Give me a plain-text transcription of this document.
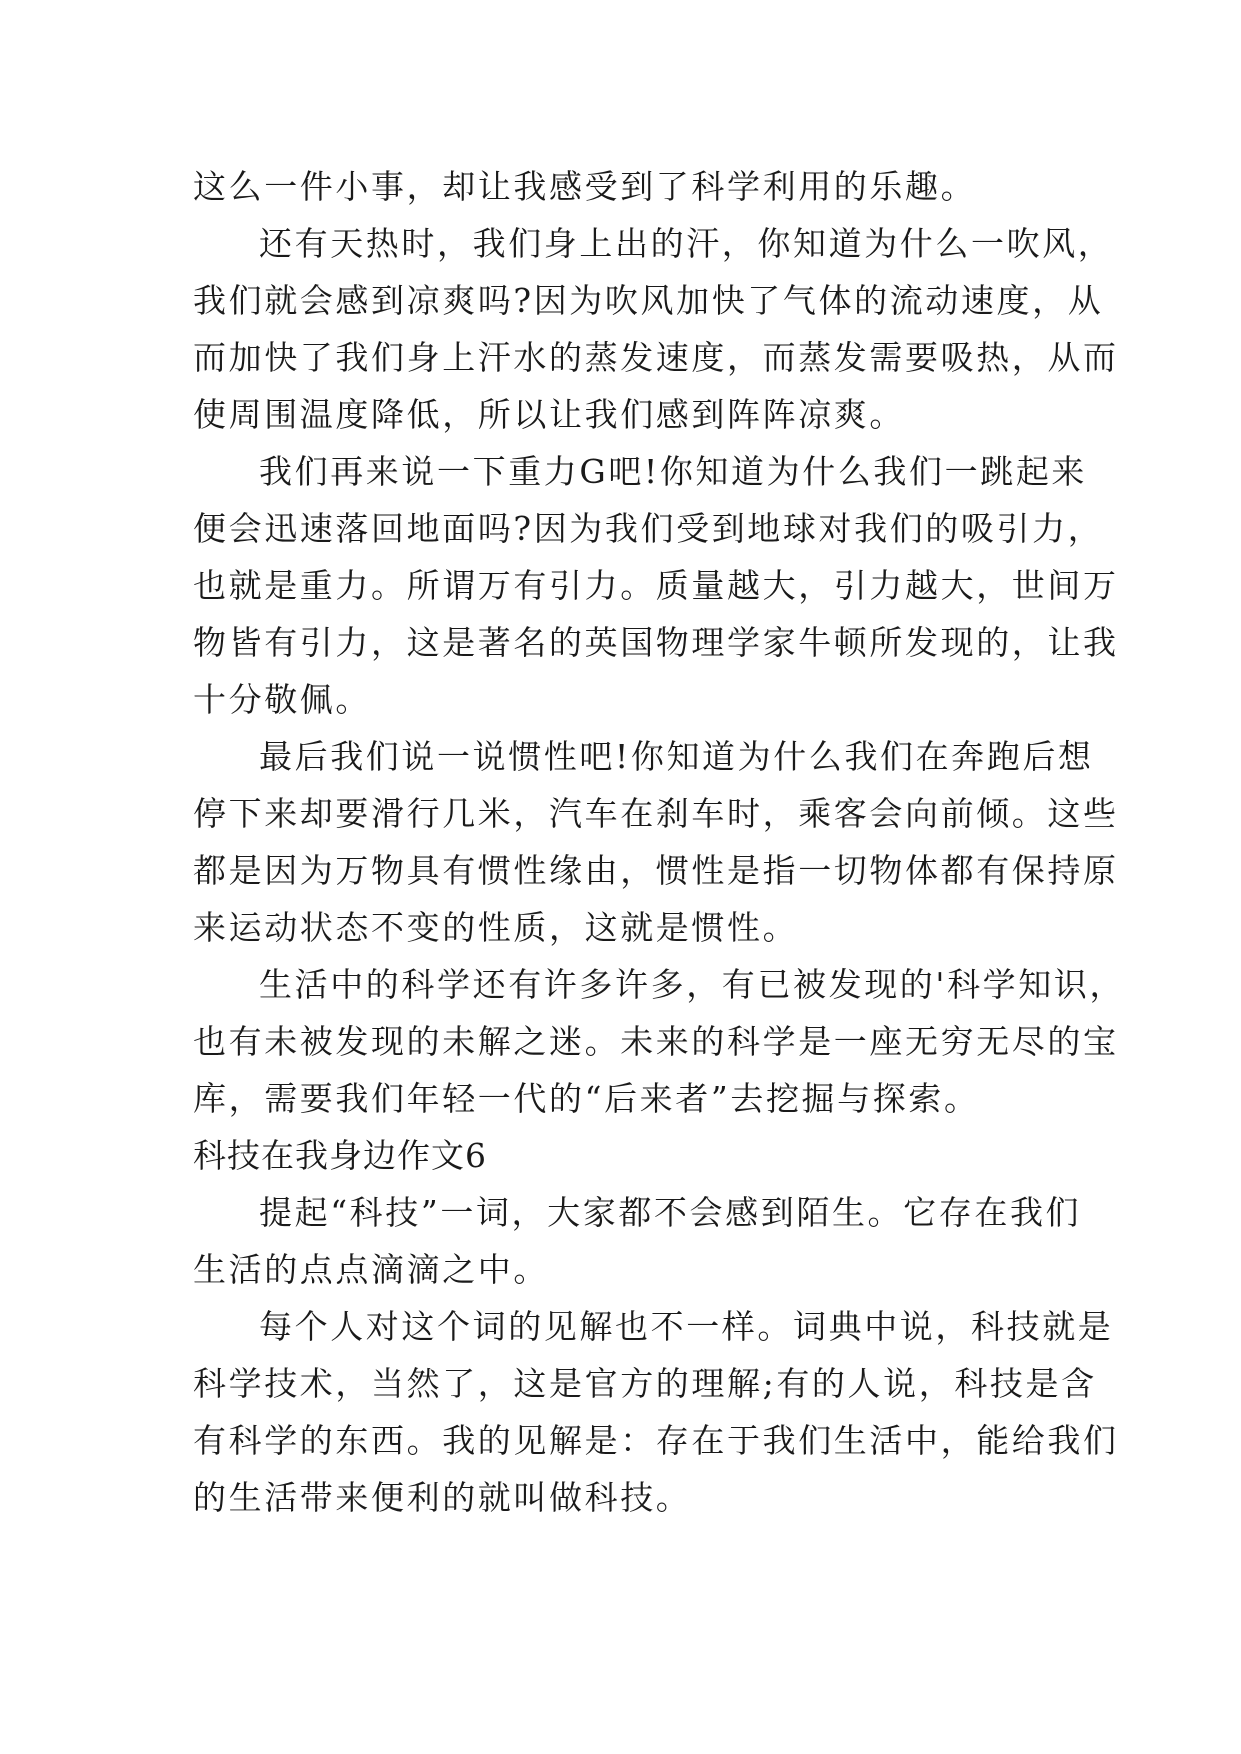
这么一件小事，却让我感受到了科学利用的乐趣。
还有天热时，我们身上出的汗，你知道为什么一吹风，
我们就会感到凉爽吗?因为吹风加快了气体的流动速度，从
而加快了我们身上汗水的蒸发速度，而蒸发需要吸热，从而
使周围温度降低，所以让我们感到阵阵凉爽。
我们再来说一下重力G吧!你知道为什么我们一跳起来
便会迅速落回地面吗?因为我们受到地球对我们的吸引力，
也就是重力。所谓万有引力。质量越大，引力越大，世间万
物皆有引力，这是著名的英国物理学家牛顿所发现的，让我
十分敬佩。
最后我们说一说惯性吧!你知道为什么我们在奔跑后想
停下来却要滑行几米，汽车在刹车时，乘客会向前倾。这些
都是因为万物具有惯性缘由，惯性是指一切物体都有保持原
来运动状态不变的性质，这就是惯性。
生活中的科学还有许多许多，有已被发现的'科学知识，
也有未被发现的未解之迷。未来的科学是一座无穷无尽的宝
库，需要我们年轻一代的“后来者”去挖掘与探索。
科技在我身边作文6
提起“科技”一词，大家都不会感到陌生。它存在我们
生活的点点滴滴之中。
每个人对这个词的见解也不一样。词典中说，科技就是
科学技术，当然了，这是官方的理解;有的人说，科技是含
有科学的东西。我的见解是：存在于我们生活中，能给我们
的生活带来便利的就叫做科技。
